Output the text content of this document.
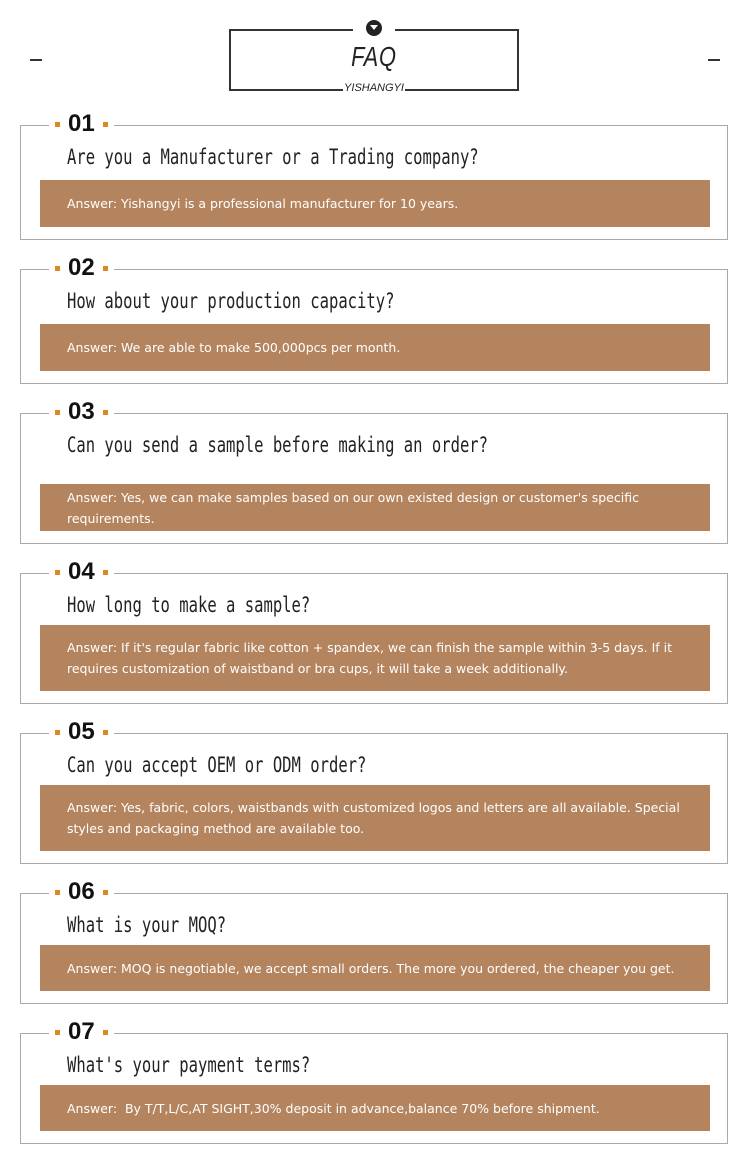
FAQ
YISHANGYI
01
Are you a Manufacturer or a Trading company?
Answer: Yishangyi is a professional manufacturer for 10 years.
02
How about your production capacity?
Answer: We are able to make 500,000pcs per month.
03
Can you send a sample before making an order?
Answer: Yes, we can make samples based on our own existed design or customer's specific requirements.
04
How long to make a sample?
Answer: If it's regular fabric like cotton + spandex, we can finish the sample within 3-5 days. If it requires customization of waistband or bra cups, it will take a week additionally.
05
Can you accept OEM or ODM order?
Answer: Yes, fabric, colors, waistbands with customized logos and letters are all available. Special styles and packaging method are available too.
06
What is your MOQ?
Answer: MOQ is negotiable, we accept small orders. The more you ordered, the cheaper you get.
07
What's your payment terms?
Answer:  By T/T,L/C,AT SIGHT,30% deposit in advance,balance 70% before shipment.
